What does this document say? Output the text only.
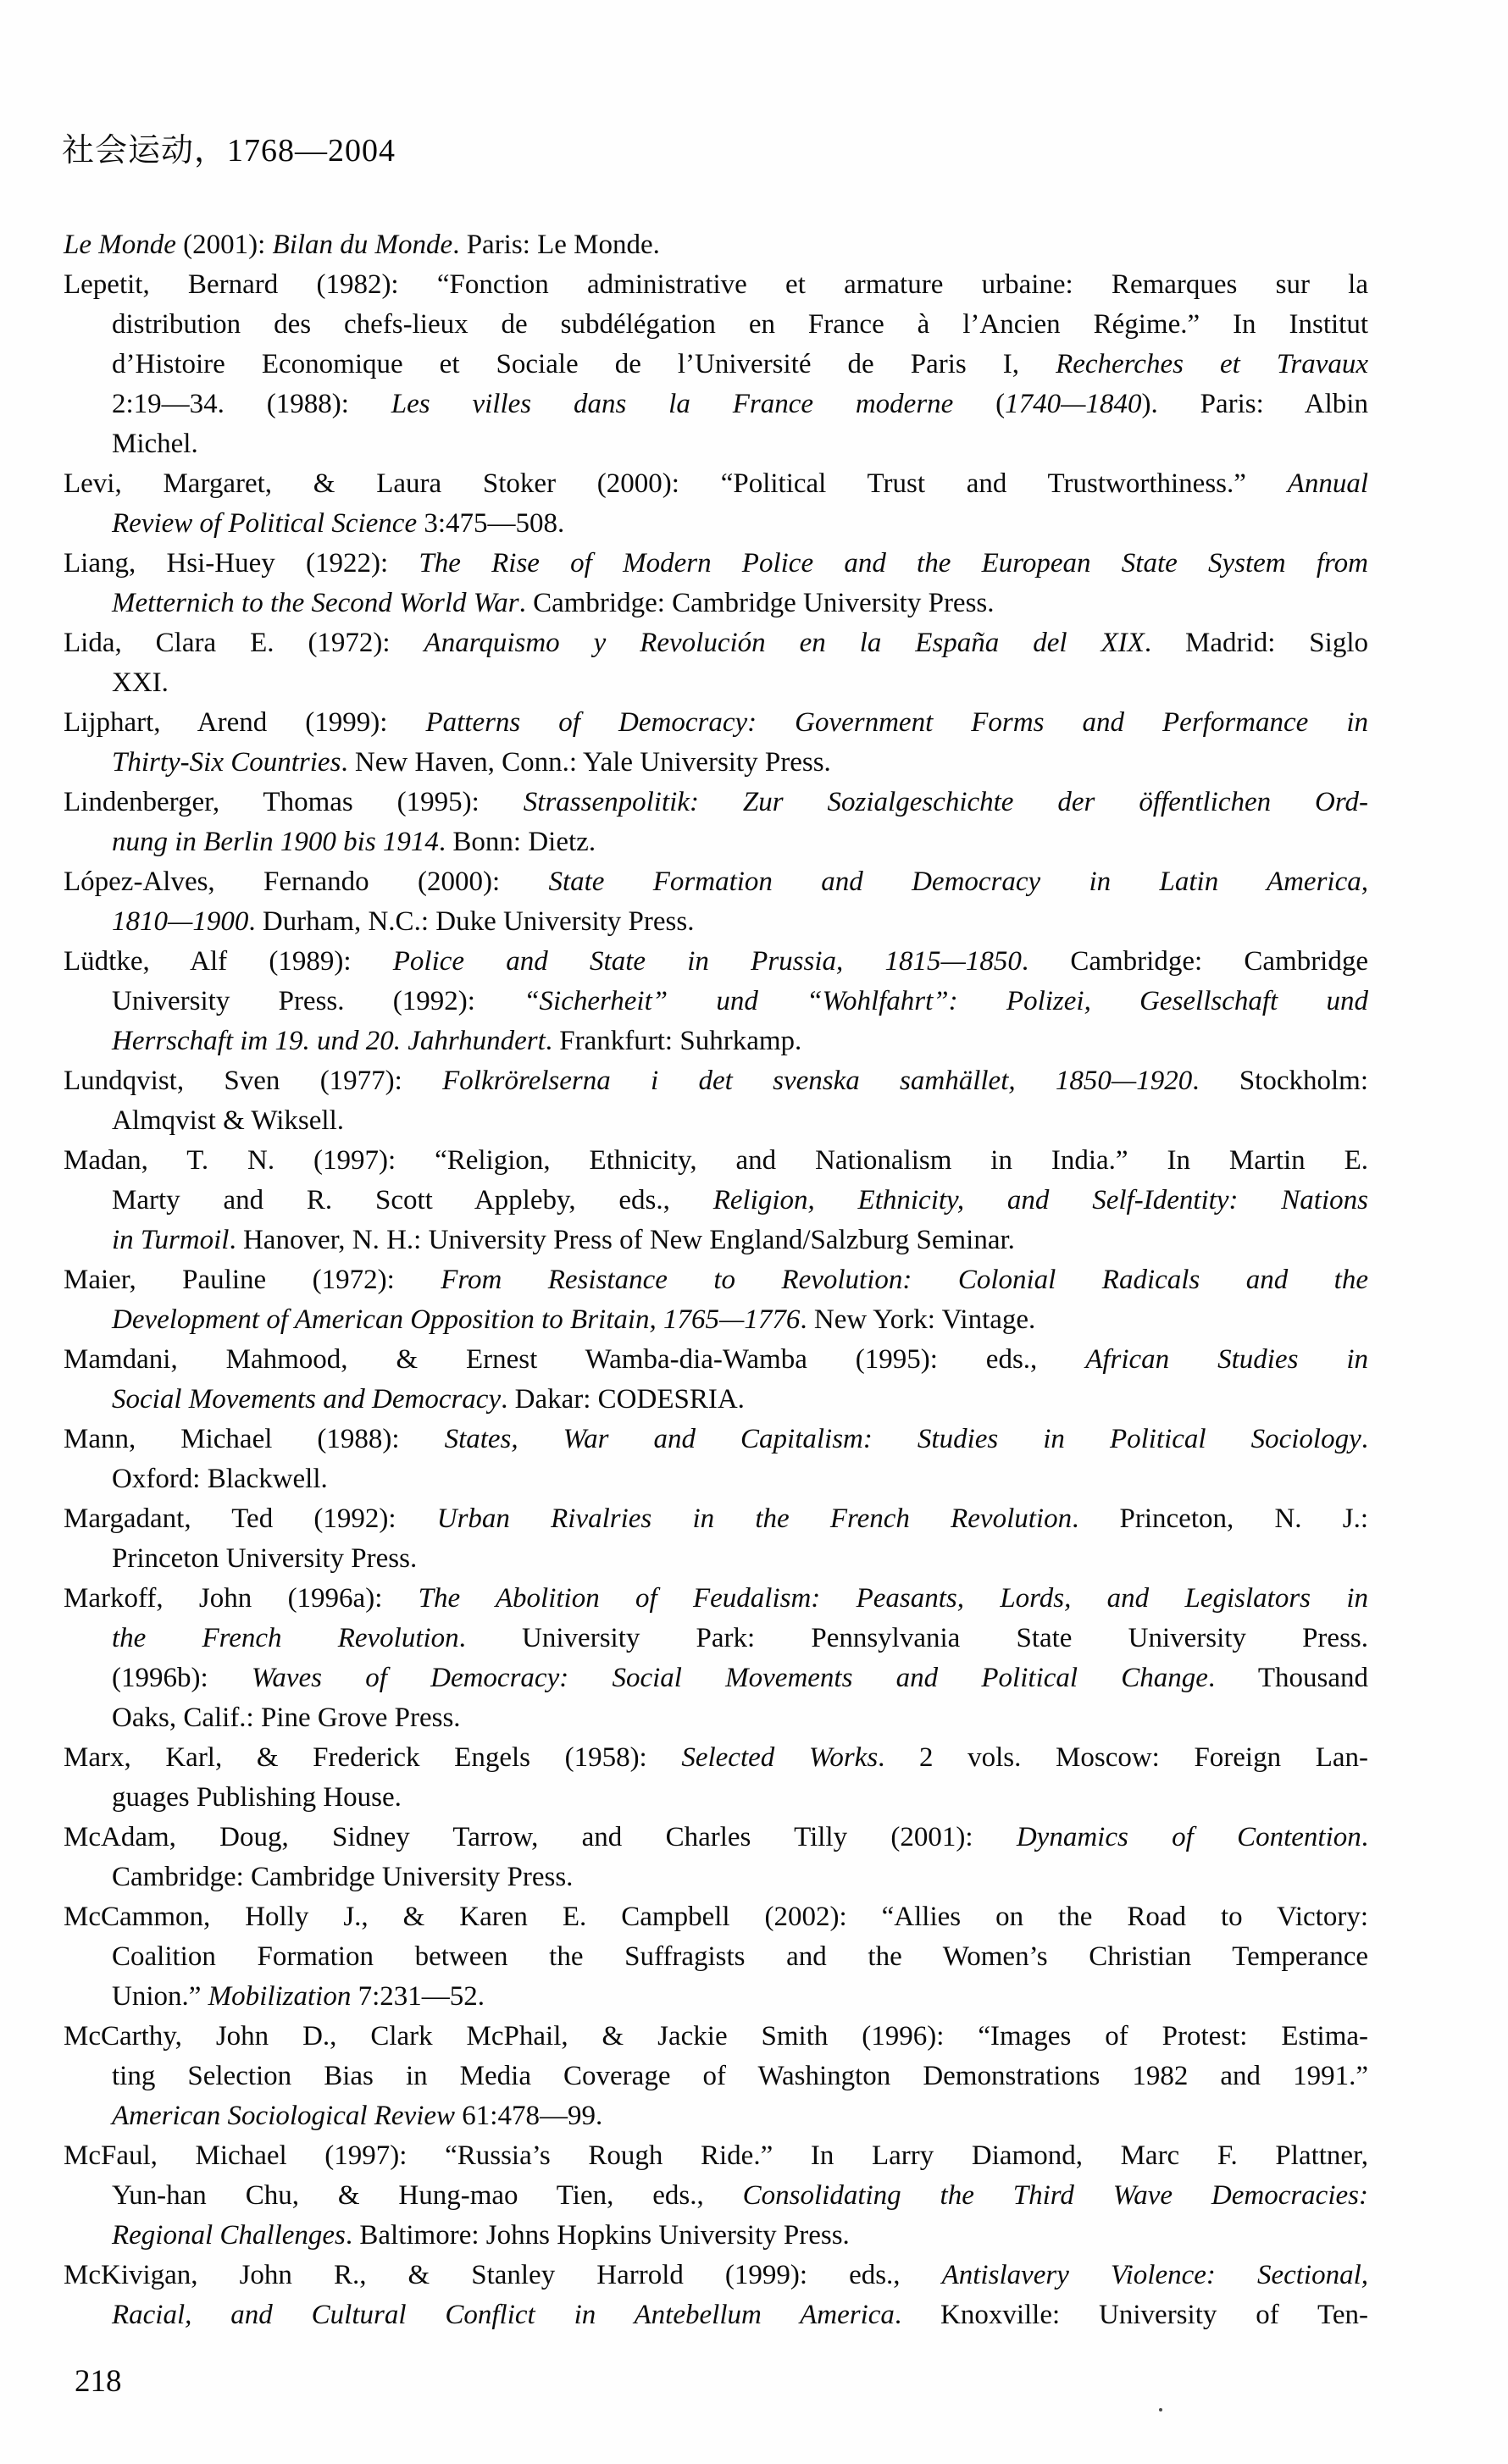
社会运动，1768—2004
Le Monde (2001): Bilan du Monde. Paris: Le Monde.
Lepetit, Bernard (1982): “Fonction administrative et armature urbaine: Remarques sur la
distribution des chefs-lieux de subdélégation en France à l’Ancien Régime.” In Institut
d’Histoire Economique et Sociale de l’Université de Paris I, Recherches et Travaux
2:19—34. (1988): Les villes dans la France moderne (1740—1840). Paris: Albin
Michel.
Levi, Margaret, & Laura Stoker (2000): “Political Trust and Trustworthiness.” Annual
Review of Political Science 3:475—508.
Liang, Hsi-Huey (1922): The Rise of Modern Police and the European State System from
Metternich to the Second World War. Cambridge: Cambridge University Press.
Lida, Clara E. (1972): Anarquismo y Revolución en la España del XIX. Madrid: Siglo
XXI.
Lijphart, Arend (1999): Patterns of Democracy: Government Forms and Performance in
Thirty-Six Countries. New Haven, Conn.: Yale University Press.
Lindenberger, Thomas (1995): Strassenpolitik: Zur Sozialgeschichte der öffentlichen Ord-
nung in Berlin 1900 bis 1914. Bonn: Dietz.
López-Alves, Fernando (2000): State Formation and Democracy in Latin America,
1810—1900. Durham, N.C.: Duke University Press.
Lüdtke, Alf (1989): Police and State in Prussia, 1815—1850. Cambridge: Cambridge
University Press. (1992): “Sicherheit” und “Wohlfahrt”: Polizei, Gesellschaft und
Herrschaft im 19. und 20. Jahrhundert. Frankfurt: Suhrkamp.
Lundqvist, Sven (1977): Folkrörelserna i det svenska samhället, 1850—1920. Stockholm:
Almqvist & Wiksell.
Madan, T. N. (1997): “Religion, Ethnicity, and Nationalism in India.” In Martin E.
Marty and R. Scott Appleby, eds., Religion, Ethnicity, and Self-Identity: Nations
in Turmoil. Hanover, N. H.: University Press of New England/Salzburg Seminar.
Maier, Pauline (1972): From Resistance to Revolution: Colonial Radicals and the
Development of American Opposition to Britain, 1765—1776. New York: Vintage.
Mamdani, Mahmood, & Ernest Wamba-dia-Wamba (1995): eds., African Studies in
Social Movements and Democracy. Dakar: CODESRIA.
Mann, Michael (1988): States, War and Capitalism: Studies in Political Sociology.
Oxford: Blackwell.
Margadant, Ted (1992): Urban Rivalries in the French Revolution. Princeton, N. J.:
Princeton University Press.
Markoff, John (1996a): The Abolition of Feudalism: Peasants, Lords, and Legislators in
the French Revolution. University Park: Pennsylvania State University Press.
(1996b): Waves of Democracy: Social Movements and Political Change. Thousand
Oaks, Calif.: Pine Grove Press.
Marx, Karl, & Frederick Engels (1958): Selected Works. 2 vols. Moscow: Foreign Lan-
guages Publishing House.
McAdam, Doug, Sidney Tarrow, and Charles Tilly (2001): Dynamics of Contention.
Cambridge: Cambridge University Press.
McCammon, Holly J., & Karen E. Campbell (2002): “Allies on the Road to Victory:
Coalition Formation between the Suffragists and the Women’s Christian Temperance
Union.” Mobilization 7:231—52.
McCarthy, John D., Clark McPhail, & Jackie Smith (1996): “Images of Protest: Estima-
ting Selection Bias in Media Coverage of Washington Demonstrations 1982 and 1991.”
American Sociological Review 61:478—99.
McFaul, Michael (1997): “Russia’s Rough Ride.” In Larry Diamond, Marc F. Plattner,
Yun-han Chu, & Hung-mao Tien, eds., Consolidating the Third Wave Democracies:
Regional Challenges. Baltimore: Johns Hopkins University Press.
McKivigan, John R., & Stanley Harrold (1999): eds., Antislavery Violence: Sectional,
Racial, and Cultural Conflict in Antebellum America. Knoxville: University of Ten-
218
